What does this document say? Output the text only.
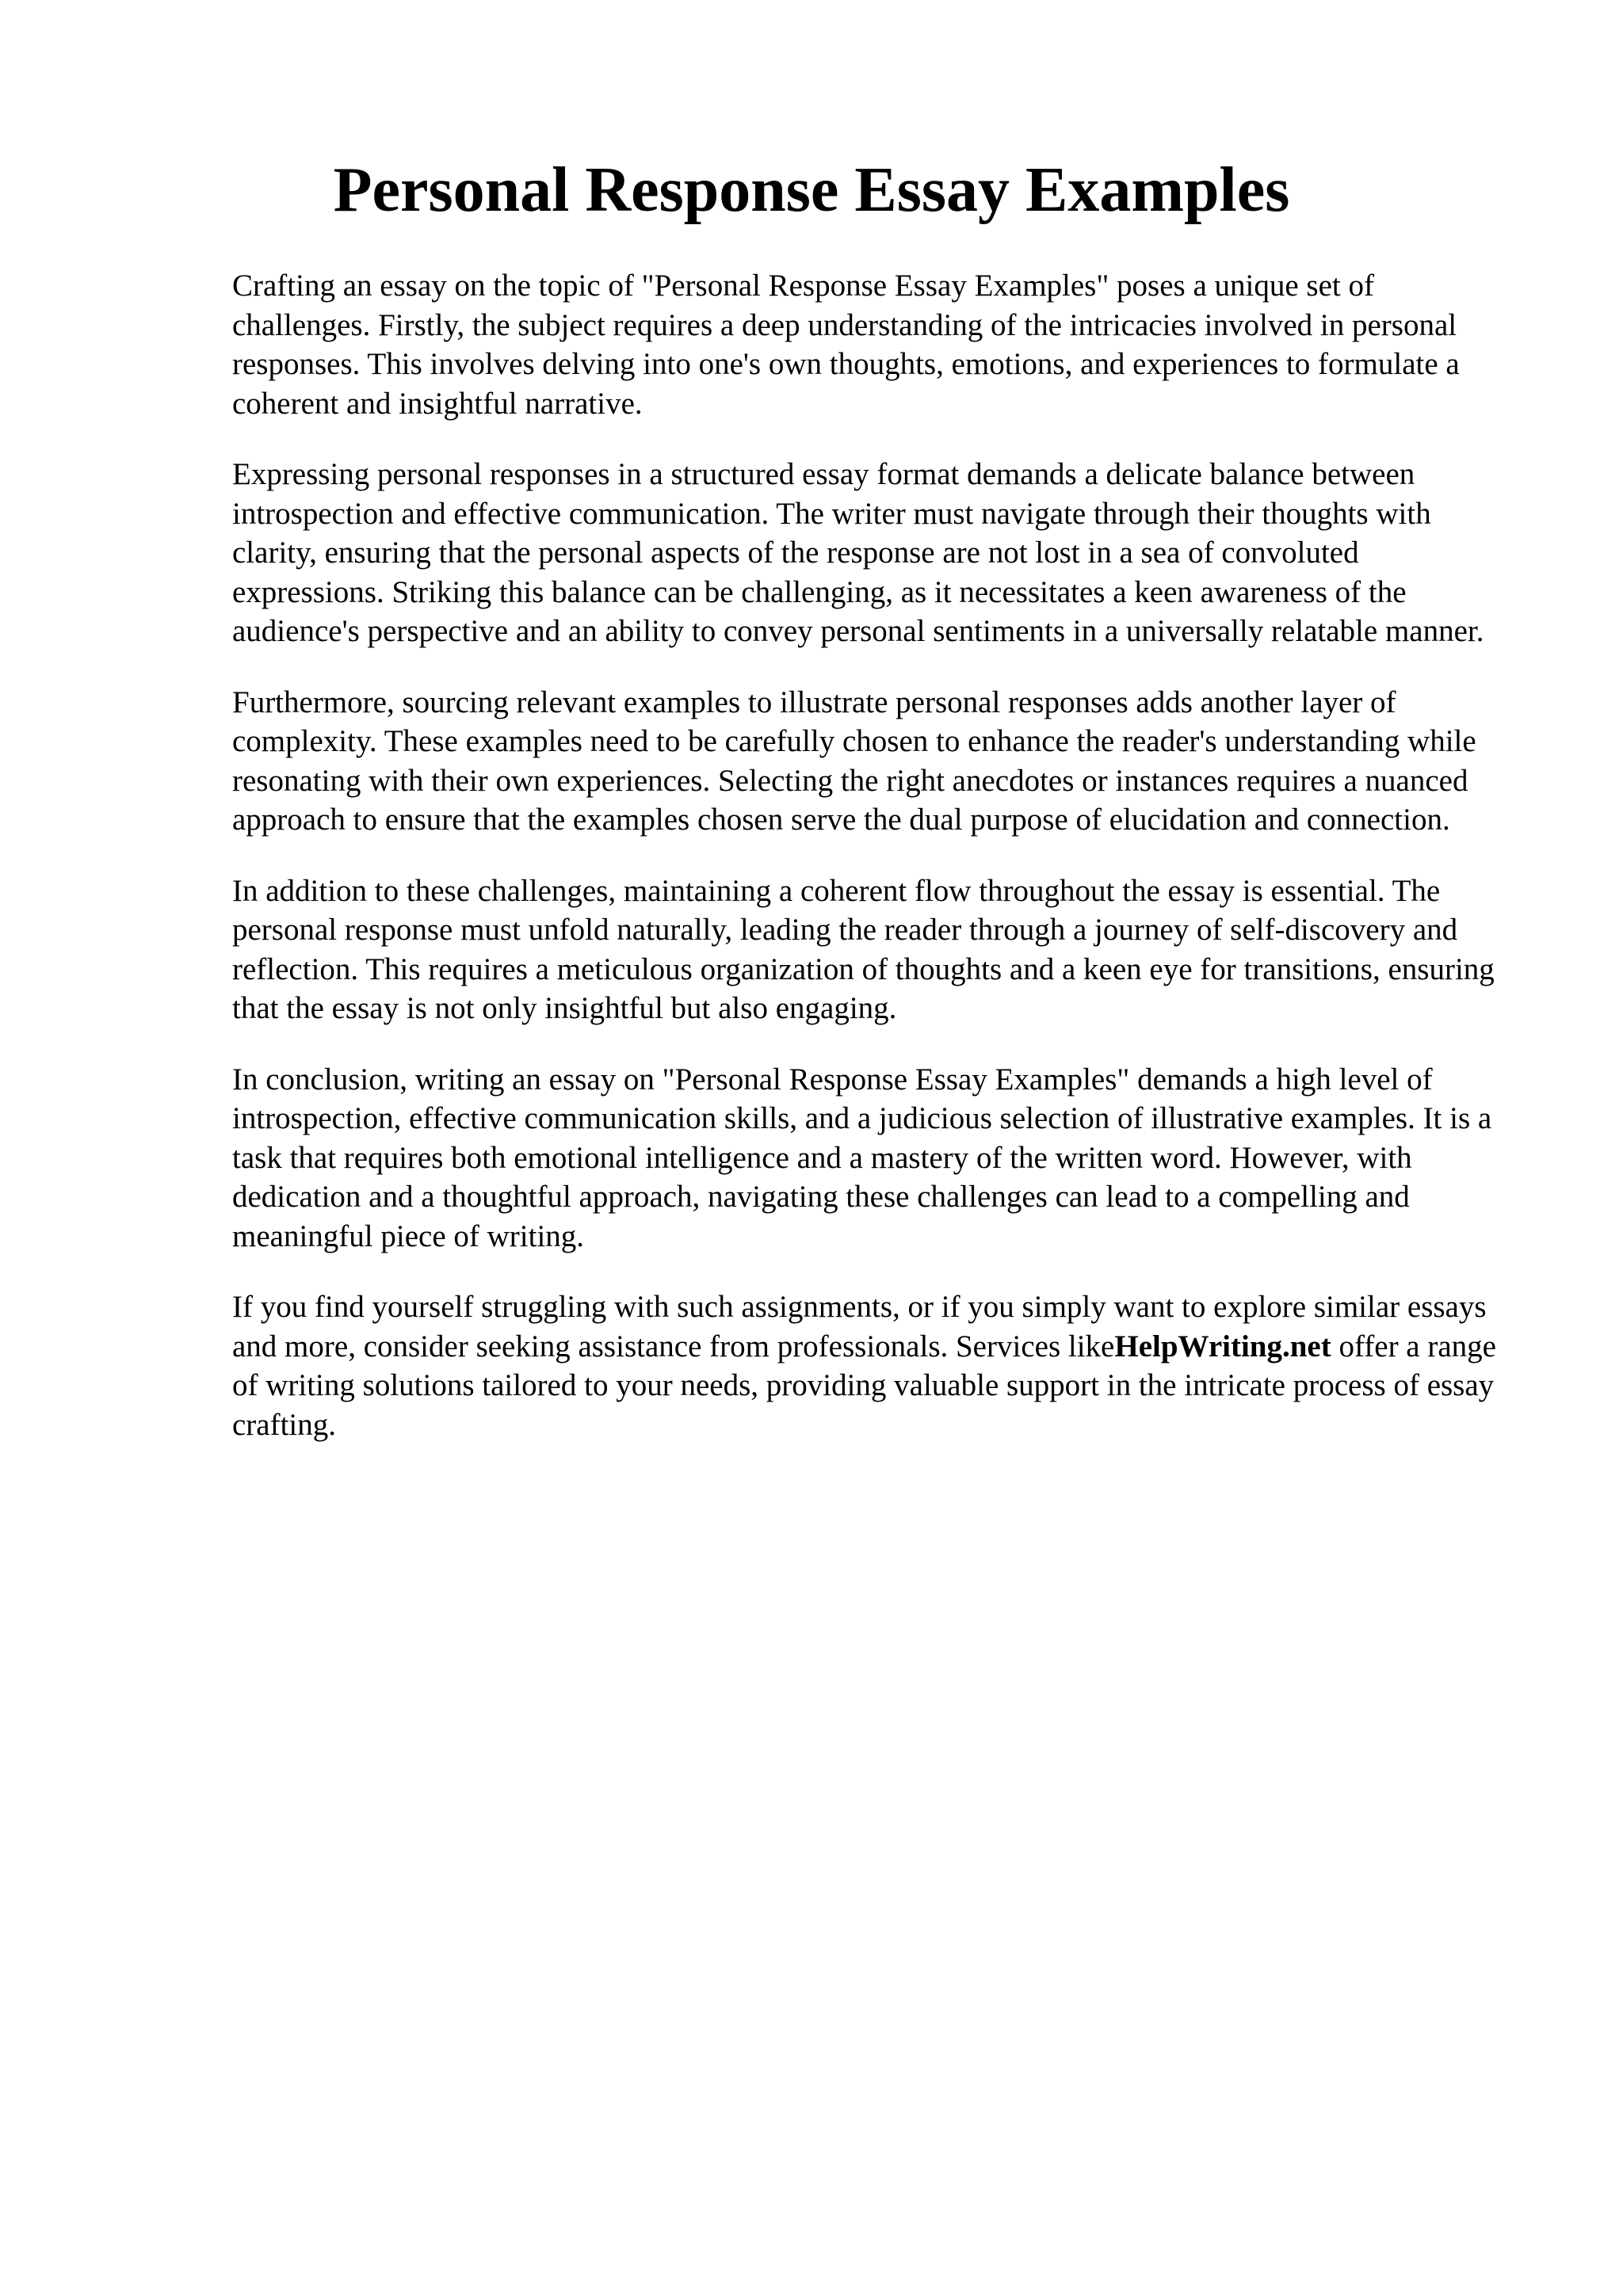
Personal Response Essay Examples

Crafting an essay on the topic of "Personal Response Essay Examples" poses a unique set of challenges. Firstly, the subject requires a deep understanding of the intricacies involved in personal responses. This involves delving into one's own thoughts, emotions, and experiences to formulate a coherent and insightful narrative.

Expressing personal responses in a structured essay format demands a delicate balance between introspection and effective communication. The writer must navigate through their thoughts with clarity, ensuring that the personal aspects of the response are not lost in a sea of convoluted expressions. Striking this balance can be challenging, as it necessitates a keen awareness of the audience's perspective and an ability to convey personal sentiments in a universally relatable manner.

Furthermore, sourcing relevant examples to illustrate personal responses adds another layer of complexity. These examples need to be carefully chosen to enhance the reader's understanding while resonating with their own experiences. Selecting the right anecdotes or instances requires a nuanced approach to ensure that the examples chosen serve the dual purpose of elucidation and connection.

In addition to these challenges, maintaining a coherent flow throughout the essay is essential. The personal response must unfold naturally, leading the reader through a journey of self-discovery and reflection. This requires a meticulous organization of thoughts and a keen eye for transitions, ensuring that the essay is not only insightful but also engaging.

In conclusion, writing an essay on "Personal Response Essay Examples" demands a high level of introspection, effective communication skills, and a judicious selection of illustrative examples. It is a task that requires both emotional intelligence and a mastery of the written word. However, with dedication and a thoughtful approach, navigating these challenges can lead to a compelling and meaningful piece of writing.

If you find yourself struggling with such assignments, or if you simply want to explore similar essays and more, consider seeking assistance from professionals. Services likeHelpWriting.net offer a range of writing solutions tailored to your needs, providing valuable support in the intricate process of essay crafting.
